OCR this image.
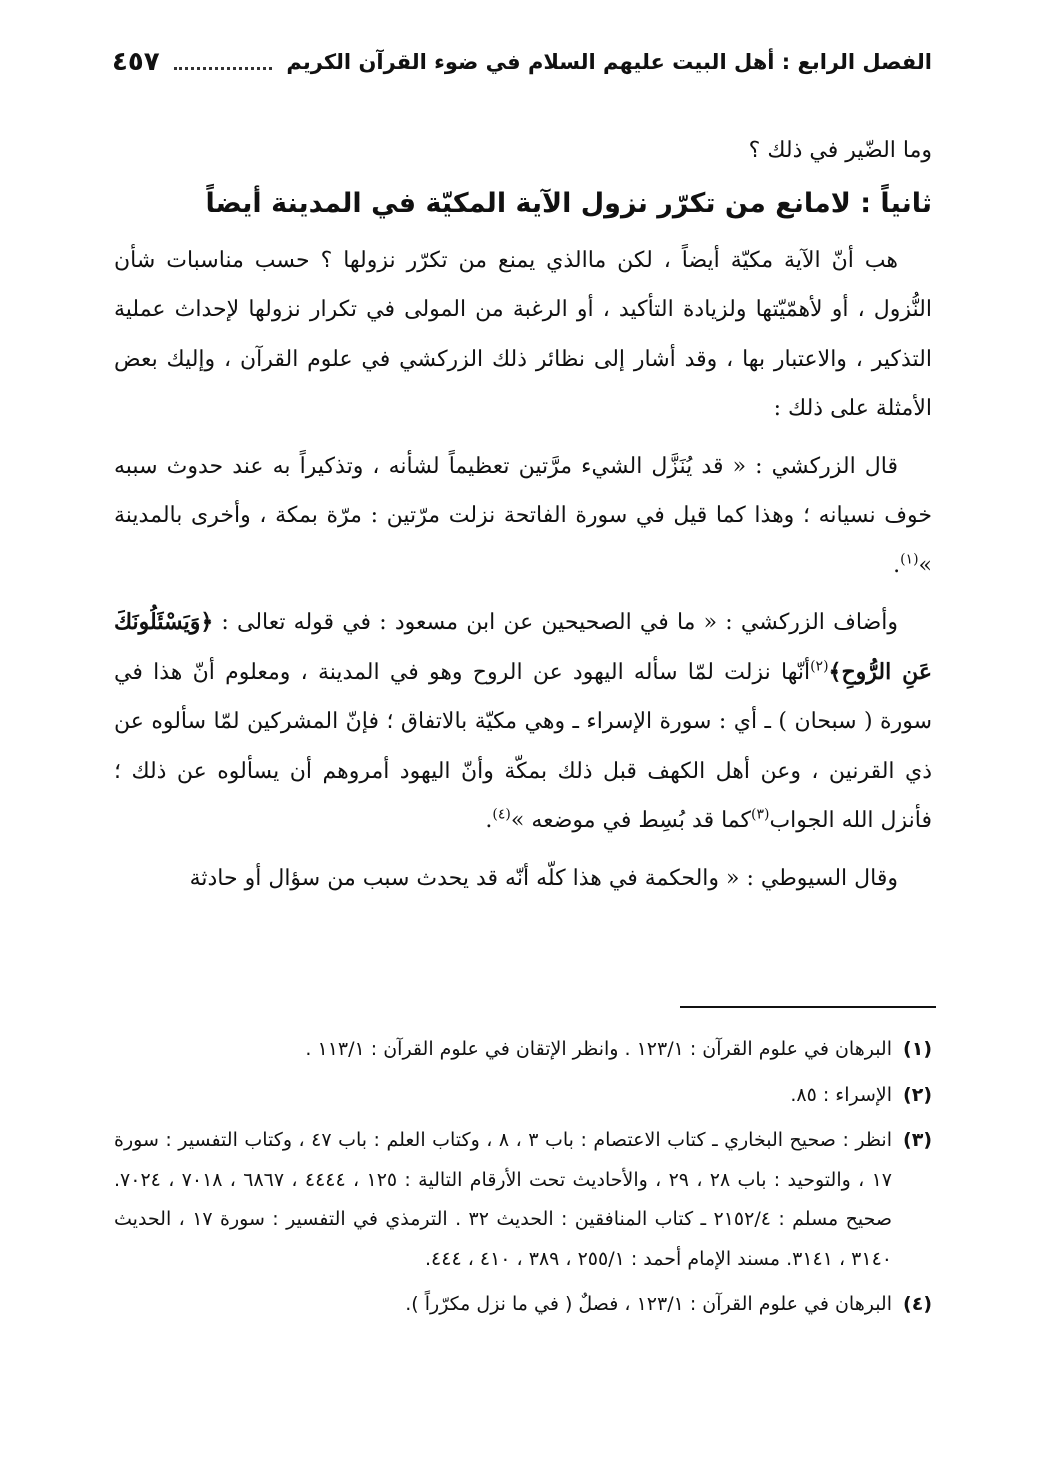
الفصل الرابع : أهل البيت عليهم السلام في ضوء القرآن الكريم
٤٥٧

وما الضّير في ذلك ؟

ثانياً : لامانع من تكرّر نزول الآية المكيّة في المدينة أيضاً

هب أنّ الآية مكيّة أيضاً ، لكن ماالذي يمنع من تكرّر نزولها ؟ حسب مناسبات شأن النُّزول ، أو لأهمّيّتها ولزيادة التأكيد ، أو الرغبة من المولى في تكرار نزولها لإحداث عملية التذكير ، والاعتبار بها ، وقد أشار إلى نظائر ذلك الزركشي في علوم القرآن ، وإليك بعض الأمثلة على ذلك :

قال الزركشي : « قد يُنَزَّل الشيء مرَّتين تعظيماً لشأنه ، وتذكيراً به عند حدوث سببه خوف نسيانه ؛ وهذا كما قيل في سورة الفاتحة نزلت مرّتين : مرّة بمكة ، وأخرى بالمدينة »$^{(١)}$.

وأضاف الزركشي : « ما في الصحيحين عن ابن مسعود : في قوله تعالى : ﴿وَيَسْئَلُونَكَ عَنِ الرُّوحِ﴾$^{(٢)}$أنّها نزلت لمّا سأله اليهود عن الروح وهو في المدينة ، ومعلوم أنّ هذا في سورة ( سبحان ) ـ أي : سورة الإسراء ـ وهي مكيّة بالاتفاق ؛ فإنّ المشركين لمّا سألوه عن ذي القرنين ، وعن أهل الكهف قبل ذلك بمكّة وأنّ اليهود أمروهم أن يسألوه عن ذلك ؛ فأنزل الله الجواب$^{(٣)}$كما قد بُسِط في موضعه »$^{(٤)}$.

وقال السيوطي : « والحكمة في هذا كلّه أنّه قد يحدث سبب من سؤال أو حادثة

(١)
البرهان في علوم القرآن : ١٢٣/١ . وانظر الإتقان في علوم القرآن : ١١٣/١ .
(٢)
الإسراء : ٨٥.
(٣)
انظر : صحيح البخاري ـ كتاب الاعتصام : باب ٣ ، ٨ ، وكتاب العلم : باب ٤٧ ، وكتاب التفسير : سورة ١٧ ، والتوحيد : باب ٢٨ ، ٢٩ ، والأحاديث تحت الأرقام التالية : ١٢٥ ، ٤٤٤٤ ، ٦٨٦٧ ، ٧٠١٨ ، ٧٠٢٤. صحيح مسلم : ٢١٥٢/٤ ـ كتاب المنافقين : الحديث ٣٢ . الترمذي في التفسير : سورة ١٧ ، الحديث ٣١٤٠ ، ٣١٤١. مسند الإمام أحمد : ٢٥٥/١ ، ٣٨٩ ، ٤١٠ ، ٤٤٤.
(٤)
البرهان في علوم القرآن : ١٢٣/١ ، فصلٌ ( في ما نزل مكرّراً ).
